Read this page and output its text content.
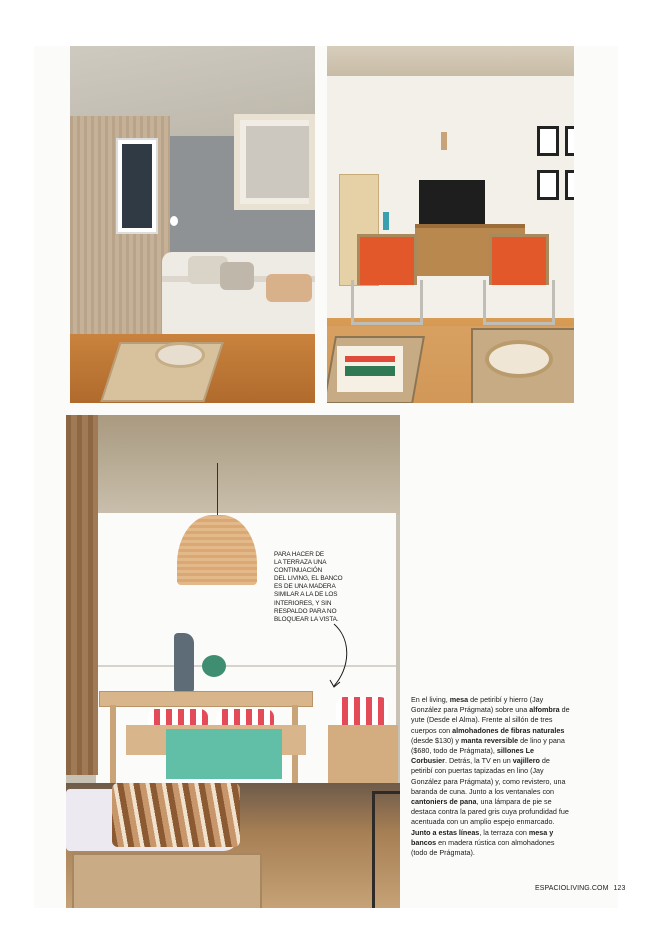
PARA HACER DE
LA TERRAZA UNA
CONTINUACIÓN
DEL LIVING, EL BANCO
ES DE UNA MADERA
SIMILAR A LA DE LOS
INTERIORES, Y SIN
RESPALDO PARA NO
BLOQUEAR LA VISTA.
En el living, mesa de petiribí y hierro (Jay González para Prágmata) sobre una alfombra de yute (Desde el Alma). Frente al sillón de tres cuerpos con almohadones de fibras naturales (desde $130) y manta reversible de lino y pana ($680, todo de Prágmata), sillones Le Corbusier. Detrás, la TV en un vajillero de petiribí con puertas tapizadas en lino (Jay González para Prágmata) y, como revistero, una baranda de cuna. Junto a los ventanales con cantoniers de pana, una lámpara de pie se destaca contra la pared gris cuya profundidad fue acentuada con un amplio espejo enmarcado. Junto a estas líneas, la terraza con mesa y bancos en madera rústica con almohadones (todo de Prágmata).
ESPACIOLIVING.COM 123
